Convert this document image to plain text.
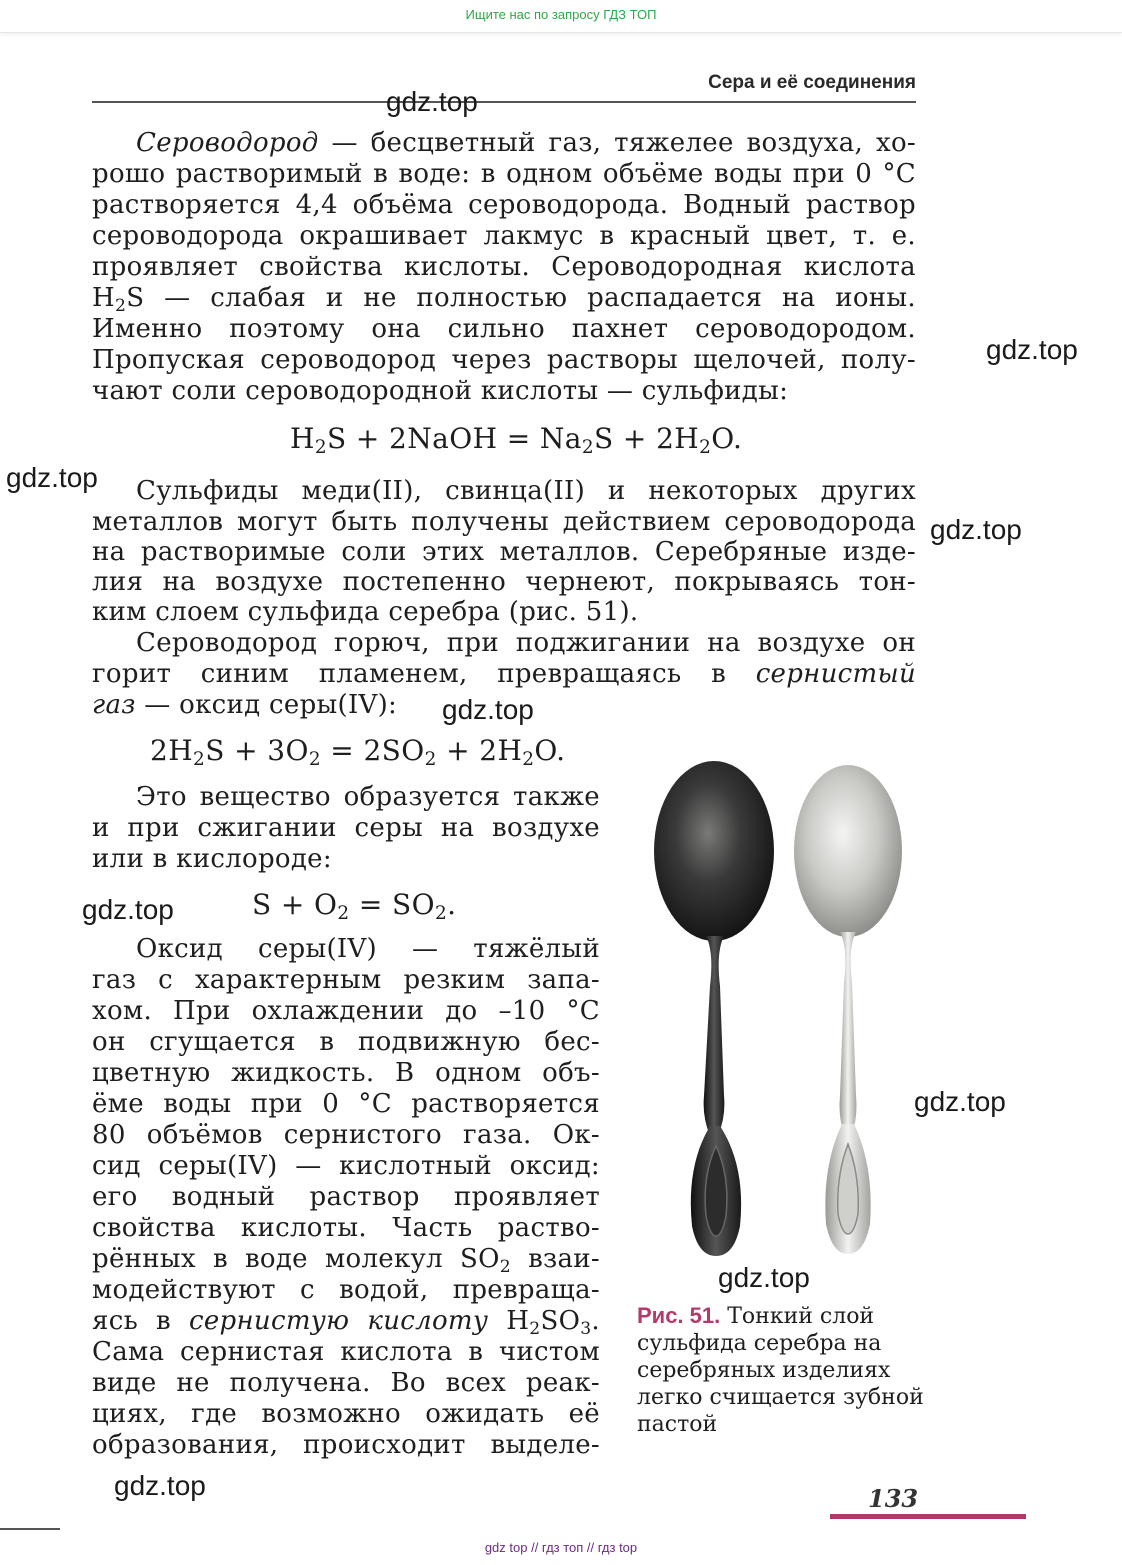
Ищите нас по запросу ГДЗ ТОП
Сера и её соединения
Сероводород — бесцветный газ, тяжелее воздуха, хо-
рошо растворимый в воде: в одном объёме воды при 0 °С
растворяется 4,4 объёма сероводорода. Водный раствор
сероводорода окрашивает лакмус в красный цвет, т. е.
проявляет свойства кислоты. Сероводородная кислота
$H_2S$ — слабая и не полностью распадается на ионы.
Именно поэтому она сильно пахнет сероводородом.
Пропуская сероводород через растворы щелочей, полу-
чают соли сероводородной кислоты — сульфиды:
$H_2S$ + 2NaOH = $Na_2S + 2H_2O$.
Сульфиды меди(II), свинца(II) и некоторых других
металлов могут быть получены действием сероводорода
на растворимые соли этих металлов. Серебряные изде-
лия на воздухе постепенно чернеют, покрываясь тон-
ким слоем сульфида серебра (рис. 51).
Сероводород горюч, при поджигании на воздухе он
горит синим пламенем, превращаясь в сернистый
газ — оксид серы(IV):
$2H_2S + 3O_2 = 2SO_2 + 2H_2O$.
Это вещество образуется также
и при сжигании серы на воздухе
или в кислороде:
$S + O_2 = SO_2$.
Оксид серы(IV) — тяжёлый
газ с характерным резким запа-
хом. При охлаждении до –10 °С
он сгущается в подвижную бес-
цветную жидкость. В одном объ-
ёме воды при 0 °С растворяется
80 объёмов сернистого газа. Ок-
сид серы(IV) — кислотный оксид:
его водный раствор проявляет
свойства кислоты. Часть раство-
рённых в воде молекул $SO_2$ взаи-
модействуют с водой, превраща-
ясь в сернистую кислоту $H_2SO_3$.
Сама сернистая кислота в чистом
виде не получена. Во всех реак-
циях, где возможно ожидать её
образования, происходит выделе-
Рис. 51. Тонкий слой сульфида серебра на серебряных изделиях легко счищается зубной пастой
gdz.top
gdz.top
gdz.top
gdz.top
gdz.top
gdz.top
gdz.top
gdz.top
gdz.top	133
gdz top // гдз топ // гдз top
